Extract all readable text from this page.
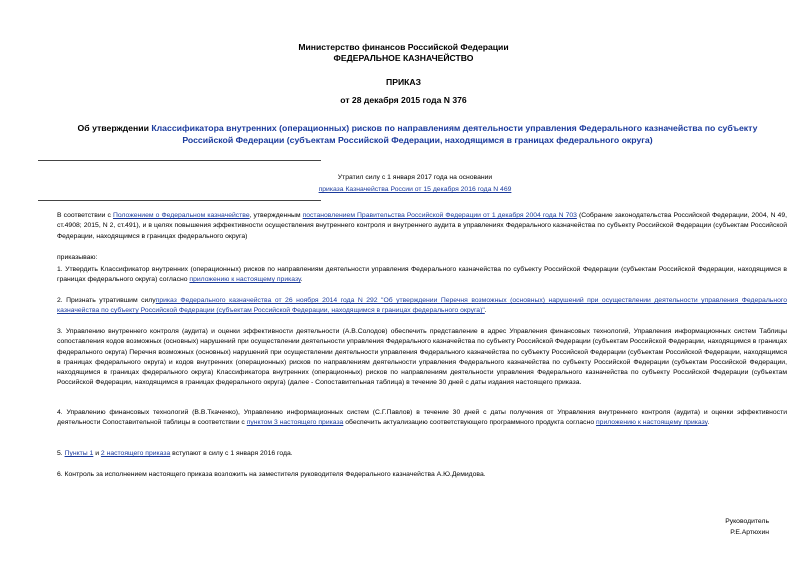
Министерство финансов Российской Федерации
ФЕДЕРАЛЬНОЕ КАЗНАЧЕЙСТВО
ПРИКАЗ
от 28 декабря 2015 года N 376
Об утверждении Классификатора внутренних (операционных) рисков по направлениям деятельности управления Федерального казначейства по субъекту Российской Федерации (субъектам Российской Федерации, находящимся в границах федерального округа)
Утратил силу с 1 января 2017 года на основании
приказа Казначейства России от 15 декабря 2016 года N 469
В соответствии с Положением о Федеральном казначействе, утвержденным постановлением Правительства Российской Федерации от 1 декабря 2004 года N 703 (Собрание законодательства Российской Федерации, 2004, N 49, ст.4908; 2015, N 2, ст.491), и в целях повышения эффективности осуществления внутреннего контроля и внутреннего аудита в управлениях Федерального казначейства по субъекту Российской Федерации (субъектам Российской Федерации, находящимся в границах федерального округа)
приказываю:
1. Утвердить Классификатор внутренних (операционных) рисков по направлениям деятельности управления Федерального казначейства по субъекту Российской Федерации (субъектам Российской Федерации, находящимся в границах федерального округа) согласно приложению к настоящему приказу.
2. Признать утратившим силуприказ Федерального казначейства от 26 ноября 2014 года N 292 "Об утверждении Перечня возможных (основных) нарушений при осуществлении деятельности управления Федерального казначейства по субъекту Российской Федерации (субъектам Российской Федерации, находящимся в границах федерального округа)".
3. Управлению внутреннего контроля (аудита) и оценки эффективности деятельности (А.В.Солодов) обеспечить представление в адрес Управления финансовых технологий, Управления информационных систем Таблицы сопоставления кодов возможных (основных) нарушений при осуществлении деятельности управления Федерального казначейства по субъекту Российской Федерации (субъектам Российской Федерации, находящимся в границах федерального округа) Перечня возможных (основных) нарушений при осуществлении деятельности управления Федерального казначейства по субъекту Российской Федерации (субъектам Российской Федерации, находящимся в границах федерального округа) и кодов внутренних (операционных) рисков по направлениям деятельности управления Федерального казначейства по субъекту Российской Федерации (субъектам Российской Федерации, находящимся в границах федерального округа) Классификатора внутренних (операционных) рисков по направлениям деятельности управления Федерального казначейства по субъекту Российской Федерации (субъектам Российской Федерации, находящимся в границах федерального округа) (далее - Сопоставительная таблица) в течение 30 дней с даты издания настоящего приказа.
4. Управлению финансовых технологий (В.В.Ткаченко), Управлению информационных систем (С.Г.Павлов) в течение 30 дней с даты получения от Управления внутреннего контроля (аудита) и оценки эффективности деятельности Сопоставительной таблицы в соответствии с пунктом 3 настоящего приказа обеспечить актуализацию соответствующего программного продукта согласно приложению к настоящему приказу.
5. Пункты 1 и 2 настоящего приказа вступают в силу с 1 января 2016 года.
6. Контроль за исполнением настоящего приказа возложить на заместителя руководителя Федерального казначейства А.Ю.Демидова.
Руководитель
Р.Е.Артюхин
